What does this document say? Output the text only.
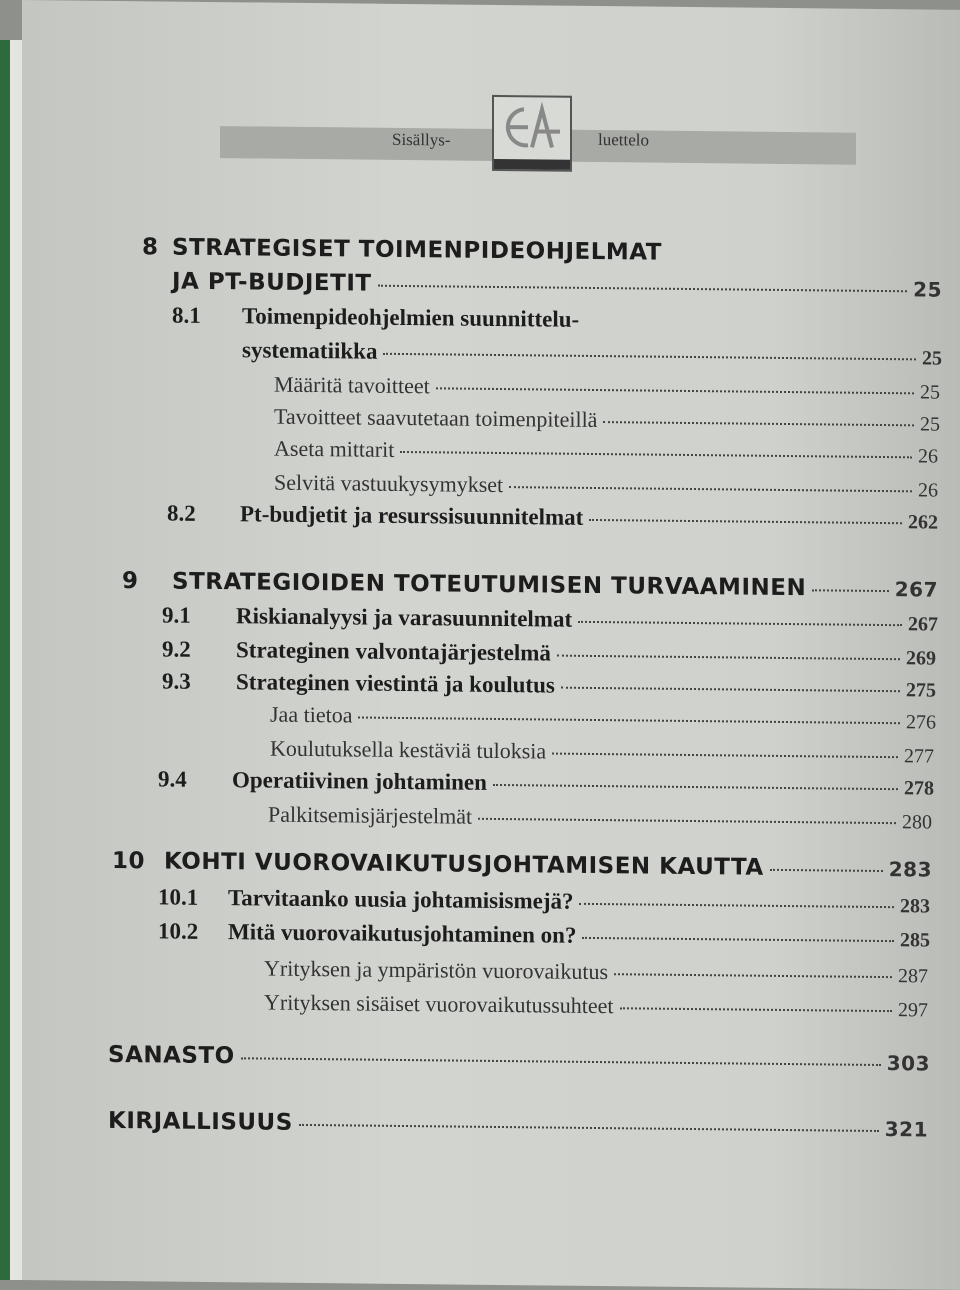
Sisällys-	luettelo
8 STRATEGISET TOIMENPIDEOHJELMAT
JA PT-BUDJETIT	25
8.1	Toimenpideohjelmien suunnittelu-
systematiikka	25
Määritä tavoitteet	25
Tavoitteet saavutetaan toimenpiteillä	25
Aseta mittarit	26
Selvitä vastuukysymykset	26
8.2	Pt-budjetit ja resurssisuunnitelmat	262
9	STRATEGIOIDEN TOTEUTUMISEN TURVAAMINEN	267
9.1	Riskianalyysi ja varasuunnitelmat	267
9.2	Strateginen valvontajärjestelmä	269
9.3	Strateginen viestintä ja koulutus	275
Jaa tietoa	276
Koulutuksella kestäviä tuloksia	277
9.4	Operatiivinen johtaminen	278
Palkitsemisjärjestelmät	280
10 KOHTI VUOROVAIKUTUSJOHTAMISEN KAUTTA	283
10.1	Tarvitaanko uusia johtamisismejä?	283
10.2	Mitä vuorovaikutusjohtaminen on?	285
Yrityksen ja ympäristön vuorovaikutus	287
Yrityksen sisäiset vuorovaikutussuhteet	297
SANASTO	303
KIRJALLISUUS	321
